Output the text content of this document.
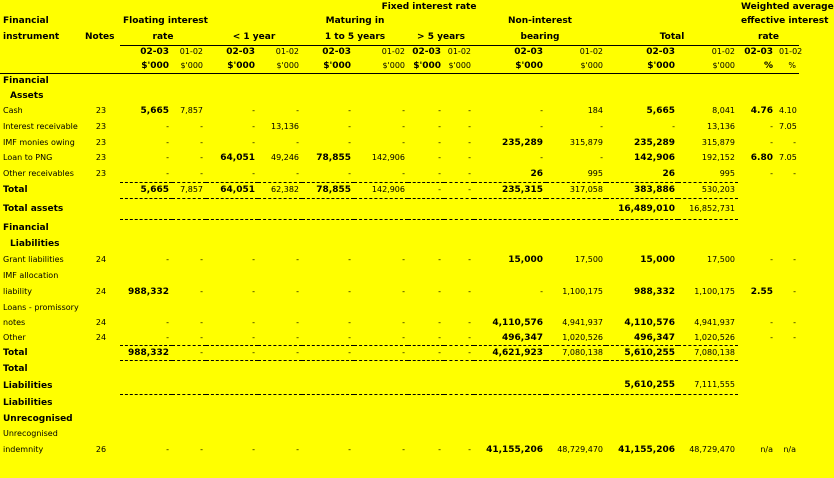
		Fixed interest rate												Weighted average	
Financial		Floating interest				Maturing in				Non-interest				effective interest	
instrument	Notes	rate		< 1 year		1 to 5 years		> 5 years		bearing		Total		rate	
		02-03	01-02	02-03	01-02	02-03	01-02	02-03	01-02	02-03	01-02	02-03	01-02	02-03	01-02
		$'000	$'000	$'000	$'000	$'000	$'000	$'000	$'000	$'000	$'000	$'000	$'000	%	%
Financial															
Assets															
Cash	23	5,665	7,857	-	-	-	-	-	-	-	184	5,665	8,041	4.76	4.10
Interest receivable	23	-	-	-	13,136	-	-	-	-	-	-	-	13,136	-	7.05
IMF monies owing	23	-	-	-	-	-	-	-	-	235,289	315,879	235,289	315,879	-	-
Loan to PNG	23	-	-	64,051	49,246	78,855	142,906	-	-	-	-	142,906	192,152	6.80	7.05
Other receivables	23	-	-	-	-	-	-	-	-	26	995	26	995	-	-
Total		5,665	7,857	64,051	62,382	78,855	142,906	-	-	235,315	317,058	383,886	530,203		
Total assets												16,489,010	16,852,731		
Financial															
Liabilities															
Grant liabilities	24	-	-	-	-	-	-	-	-	15,000	17,500	15,000	17,500	-	-
IMF allocation															
liability	24	988,332	-	-	-	-	-	-	-	-	1,100,175	988,332	1,100,175	2.55	-
Loans - promissory															
notes	24	-	-	-	-	-	-	-	-	4,110,576	4,941,937	4,110,576	4,941,937	-	-
Other	24	-	-	-	-	-	-	-	-	496,347	1,020,526	496,347	1,020,526	-	-
Total		988,332	-	-	-	-	-	-	-	4,621,923	7,080,138	5,610,255	7,080,138		
Total															
Liabilities												5,610,255	7,111,555		
Liabilities															
Unrecognised															
Unrecognised															
indemnity	26	-	-	-	-	-	-	-	-	41,155,206	48,729,470	41,155,206	48,729,470	n/a	n/a
